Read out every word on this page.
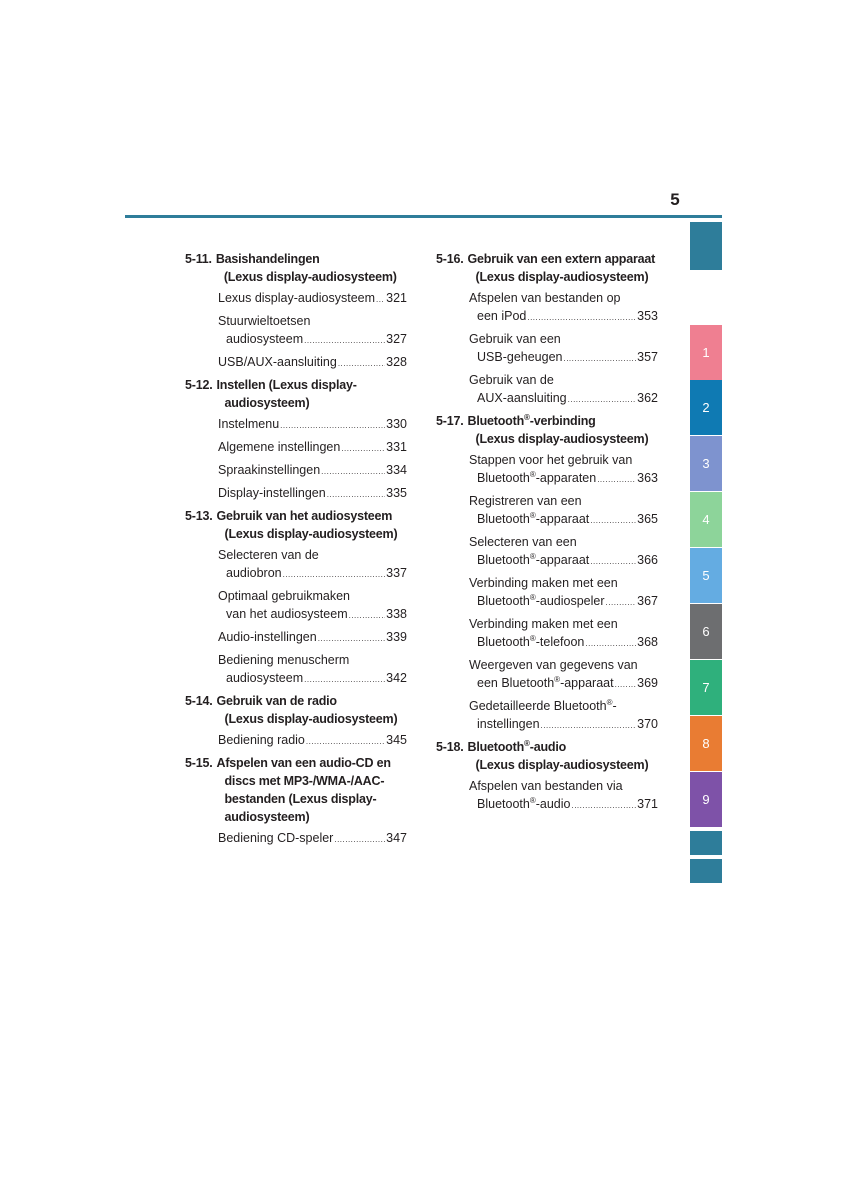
5
5-11. Basishandelingen
(Lexus display-audiosysteem)
Lexus display-audiosysteem ..... 321
Stuurwieltoetsen
audiosysteem .....	327
USB/AUX-aansluiting .....	328
5-12. Instellen (Lexus display-
audiosysteem)
Instelmenu .....	330
Algemene instellingen .....	331
Spraakinstellingen .....	334
Display-instellingen .....	335
5-13. Gebruik van het audiosysteem
(Lexus display-audiosysteem)
Selecteren van de
audiobron .....	337
Optimaal gebruikmaken
van het audiosysteem .....	338
Audio-instellingen .....	339
Bediening menuscherm
audiosysteem .....	342
5-14. Gebruik van de radio
(Lexus display-audiosysteem)
Bediening radio .....	345
5-15. Afspelen van een audio-CD en
discs met MP3-/WMA-/AAC-
bestanden (Lexus display-
audiosysteem)
Bediening CD-speler .....	347
5-16. Gebruik van een extern apparaat
(Lexus display-audiosysteem)
Afspelen van bestanden op
een iPod .....	353
Gebruik van een
USB-geheugen .....	357
Gebruik van de
AUX-aansluiting .....	362
5-17. Bluetooth®-verbinding
(Lexus display-audiosysteem)
Stappen voor het gebruik van
Bluetooth®-apparaten .....	363
Registreren van een
Bluetooth®-apparaat .....	365
Selecteren van een
Bluetooth®-apparaat .....	366
Verbinding maken met een
Bluetooth®-audiospeler .....	367
Verbinding maken met een
Bluetooth®-telefoon .....	368
Weergeven van gegevens van
een Bluetooth®-apparaat ..... 369
Gedetailleerde Bluetooth®-
instellingen .....	370
5-18. Bluetooth®-audio
(Lexus display-audiosysteem)
Afspelen van bestanden via
Bluetooth®-audio .....	371
1
2
3
4
5
6
7
8
9
